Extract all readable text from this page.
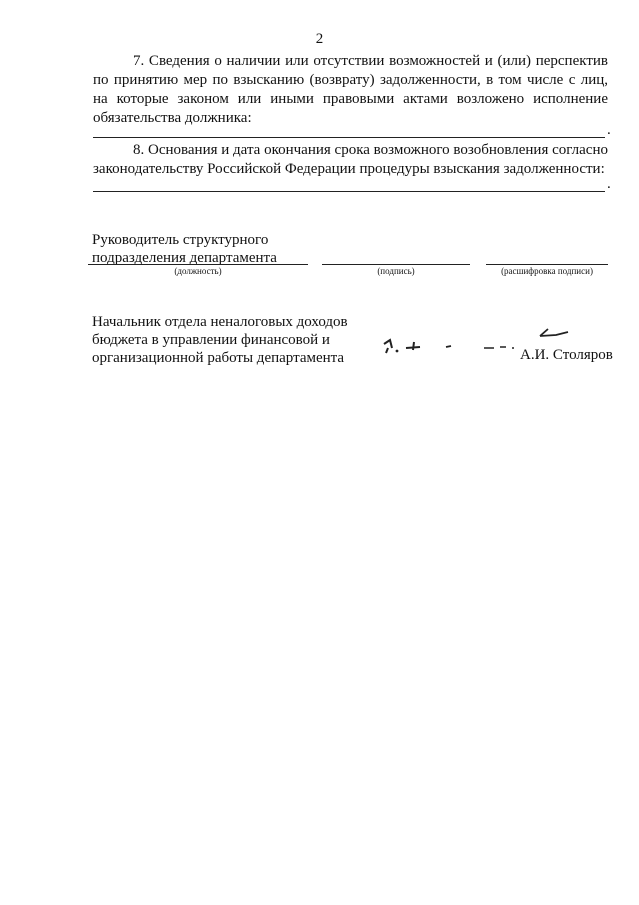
2

7. Сведения о наличии или отсутствии возможностей и (или) перспектив по принятию мер по взысканию (возврату) задолженности, в том числе с лиц, на которые законом или иными правовыми актами возложено исполнение обязательства должника:

.

8. Основания и дата окончания срока возможного возобновления согласно законодательству Российской Федерации процедуры взыскания задолженности:

.
Руководитель структурного
подразделения департамента
(должность)	(подпись)	(расшифровка подписи)
Начальник отдела неналоговых доходов
бюджета в управлении финансовой и
организационной работы департамента	А.И. Столяров
